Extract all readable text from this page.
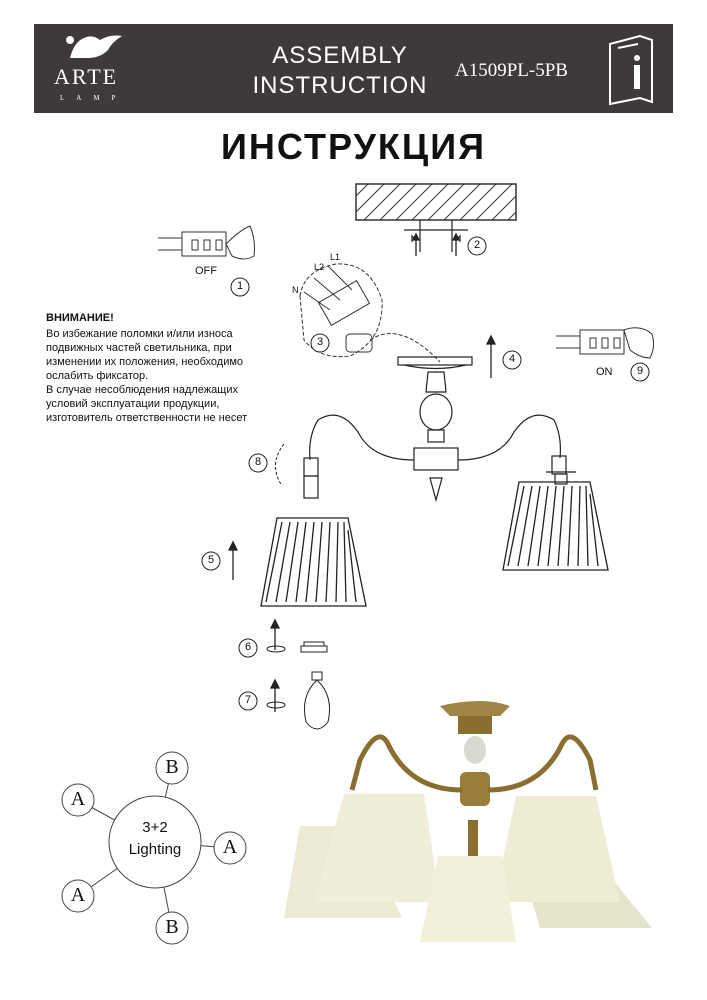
ARTE
LAMP
ASSEMBLY
INSTRUCTION
A1509PL-5PB
ИНСТРУКЦИЯ
ВНИМАНИЕ!
Во избежание поломки и/или износа
подвижных частей светильника, при
изменении их положения, необходимо
ослабить фиксатор.
В случае несоблюдения надлежащих
условий эксплуатации продукции,
изготовитель ответственности не несет
OFF
ON
N
L2
L1
1
2
3
4
5
6
7
8
9
3+2
Lighting
B
A
A
A
B
